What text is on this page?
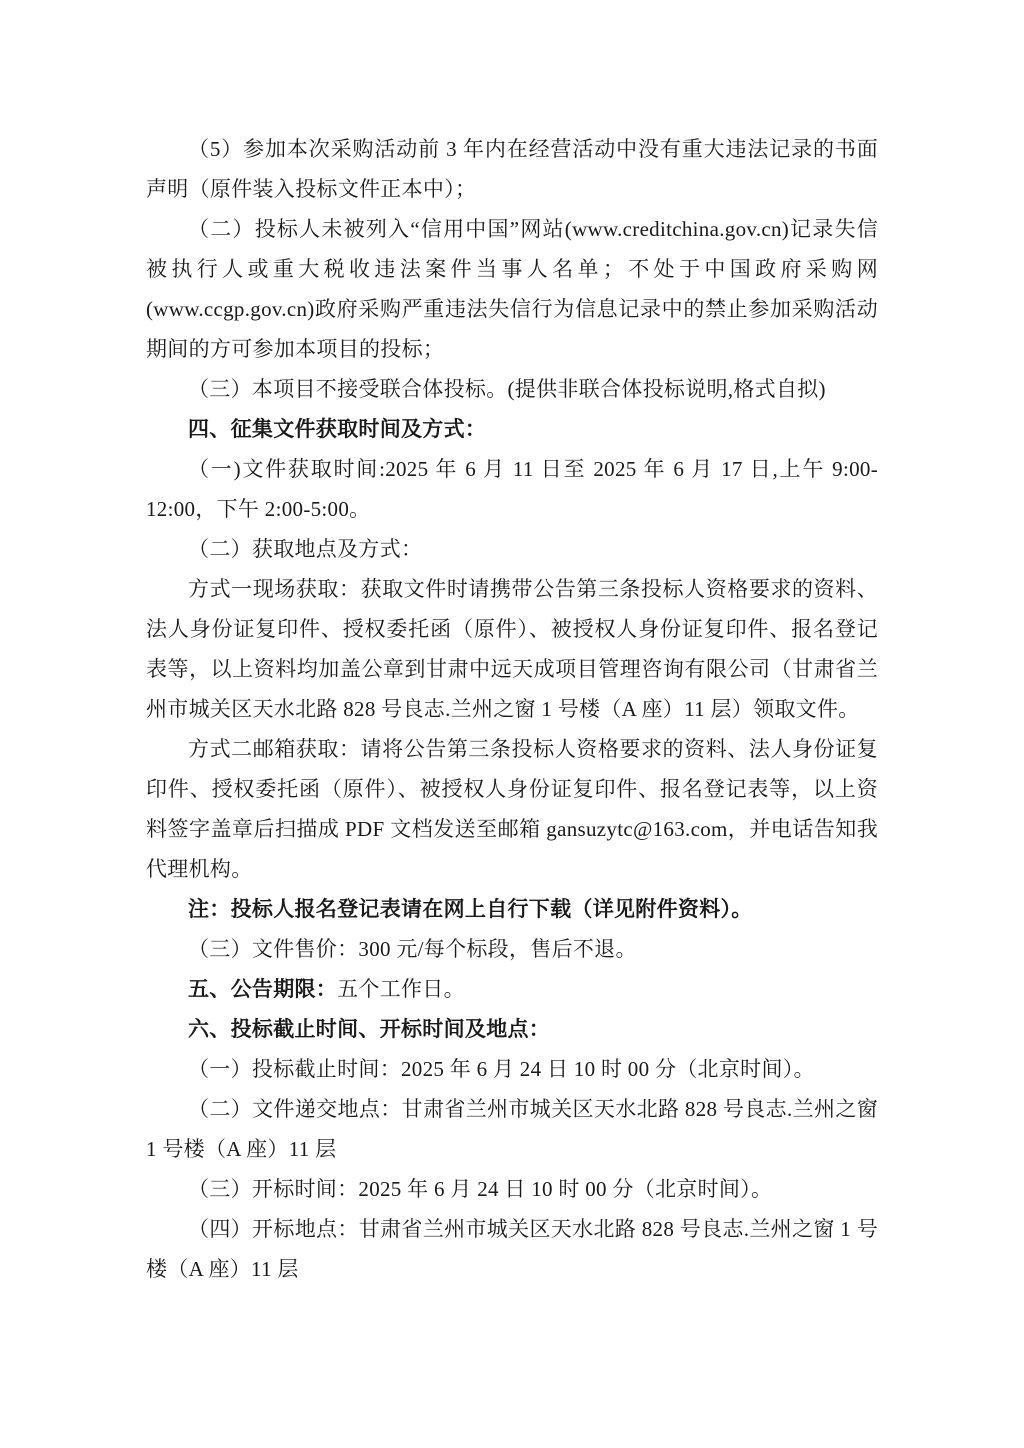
（5）参加本次采购活动前 3 年内在经营活动中没有重大违法记录的书面声明（原件装入投标文件正本中）；

（二）投标人未被列入“信用中国”网站(www.creditchina.gov.cn)记录失信被执行人或重大税收违法案件当事人名单；不处于中国政府采购网(www.ccgp.gov.cn)政府采购严重违法失信行为信息记录中的禁止参加采购活动期间的方可参加本项目的投标；

（三）本项目不接受联合体投标。(提供非联合体投标说明,格式自拟)

四、征集文件获取时间及方式：

（一)文件获取时间:2025 年 6 月 11 日至 2025 年 6 月 17 日,上午 9:00-12:00，下午 2:00-5:00。

（二）获取地点及方式：

方式一现场获取：获取文件时请携带公告第三条投标人资格要求的资料、法人身份证复印件、授权委托函（原件）、被授权人身份证复印件、报名登记表等，以上资料均加盖公章到甘肃中远天成项目管理咨询有限公司（甘肃省兰州市城关区天水北路 828 号良志.兰州之窗 1 号楼（A 座）11 层）领取文件。

方式二邮箱获取：请将公告第三条投标人资格要求的资料、法人身份证复印件、授权委托函（原件）、被授权人身份证复印件、报名登记表等，以上资料签字盖章后扫描成 PDF 文档发送至邮箱 gansuzytc@163.com，并电话告知我代理机构。

注：投标人报名登记表请在网上自行下载（详见附件资料）。

（三）文件售价：300 元/每个标段，售后不退。

五、公告期限：五个工作日。

六、投标截止时间、开标时间及地点：

（一）投标截止时间：2025 年 6 月 24 日 10 时 00 分（北京时间）。

（二）文件递交地点：甘肃省兰州市城关区天水北路 828 号良志.兰州之窗 1 号楼（A 座）11 层

（三）开标时间：2025 年 6 月 24 日 10 时 00 分（北京时间）。

（四）开标地点：甘肃省兰州市城关区天水北路 828 号良志.兰州之窗 1 号楼（A 座）11 层
